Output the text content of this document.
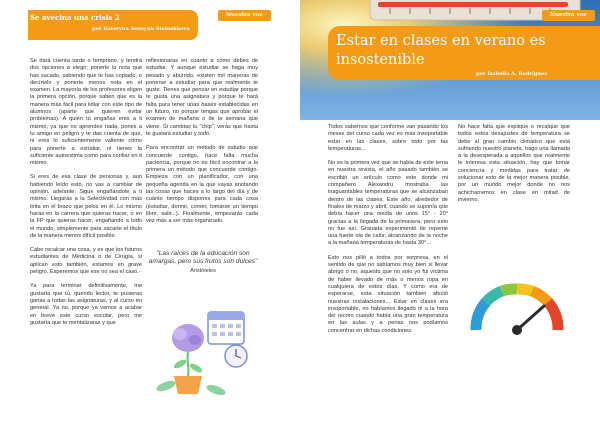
Se avecina una crisis 2
por Katerynа Seneyuk Stoloshkova
Nuestra voz

Se dará cuenta tarde o temprano, y tendrá dos opciones a elegir; ponerle la nota que has sacado, sabiendo que te has copiado, o decírtelo y ponerte menos nota en el examen. La mayoría de los profesores eligen la primera opción, porque saben que es la manera más fácil para lidiar con este tipo de alumnos (aparte que quieren evitar problemas). A quién tú engañas eres a ti mismo, ya que no aprendes nada, pones a tu amigo en peligro y te das cuenta de que, ni eres lo suficientemente valiente como para ponerte a estudiar, ni tienes la suficiente autoestima como para confiar en ti mismo.

Si eres de esa clase de personas y, aun habiendo leído esto, no vas a cambiar de opinión, adelante. Sigue engañándote a ti mismo. Llegarás a la Selectividad con más tirita en el brazo que pelos en él. Lo mismo harás en la carrera que quieras hacer, o en la FP que quieras hacer, engañando a todo el mundo, simplemente para sacarte el título de la manera menos difícil posible.

Cabe recalcar una cosa, y es que los futuros estudiantes de Medicina o de Cirugía, si aplican esto también, estamos en grave peligro. Esperemos que ese no sea el caso.-

Ya para terminar definitivamente, me gustaría que tú, querido lector, te pusieras ganas a todas las asignaturas, y al curso en general. Ya no, porque ya vamos a acabar en breve este curso escolar, pero me gustaría que te mentalizaras y que

reflexionaras en cuanto a cómo debes de estudiar. Y aunque estudiar se haga muy pesado y aburrido, existen mil maneras de ponerse a estudiar para que realmente te guste. Tienes que pensar en estudiar porque te gusta una asignatura y porque te hará falta para tener unas bases establecidas en un futuro, no porque tengas que aprobar el examen de mañana o de la semana que viene. Si cambias tu "chip", verás que hasta te gustará estudiar y todo.

Para encontrar un método de estudio que concuerde contigo, hace falta mucha paciencia, porque no es fácil encontrar a la primera un método que concuerde contigo. Empieza con un planificador, con una pequeña agenda en la que vayas anotando las cosas que haces a lo largo del día y de cuánto tiempo dispones para cada cosa (estudiar, dormir, comer, tomarse un tiempo libre, salir...). Finalmente, empezarás cada vez más a ser más organizado.

"Las raíces de la educación son amargas, pero sus frutos son dulces"
Aristóteles
Nuestra voz
Estar en clases en verano es insostenible
por Isabella A. Rodríguez

Todos sabemos que conforme van pasando los meses del curso cada vez es más insoportable estar en las clases, sobre todo por las temperaturas...

No es la primera vez que se habla de este tema en nuestra revista, el año pasado también se escribió un artículo como este donde mi compañero Alexandru mostraba las inaguantables temperaturas que se alcanzaban dentro de las clases. Este año, alrededor de finales de marzo y abril, cuando se suponía que debía hacer una media de unos 15° - 20° gracias a la llegada de la primavera, pero esto no fue así. Granada experimentó de repente una fuerte ola de calor, alcanzando de la noche a la mañana temperaturas de hasta 30°...

Esto nos pilló a todos por sorpresa, en el sentido de que no sabíamos muy bien si llevar abrigo o no, aquesto que no solo yo fui víctima de haber llevado de más o menos ropa en cualquiera de estos días. Y como era de esperarse, esta situación también afectó nuestras instalaciones... Estar en clases era insoportable, no habíamos llegado ni a la hora del recreo cuando había una gran temperatura en las aulas y a penas nos podíamos concentrar en dichas condiciones.

No hace falta que explique o recalque que todos estos desajustes de temperatura se debe al gran cambio climático que está sufriendo nuestro planeta, hago una llamada a la desesperada a aquellos que realmente le interesa esta situación, hay que tomar conciencia y medidas para tratar de solucionar esto de la mejor manera posible, por un mundo mejor donde no nos achicharremos en clase en mitad de invierno.
